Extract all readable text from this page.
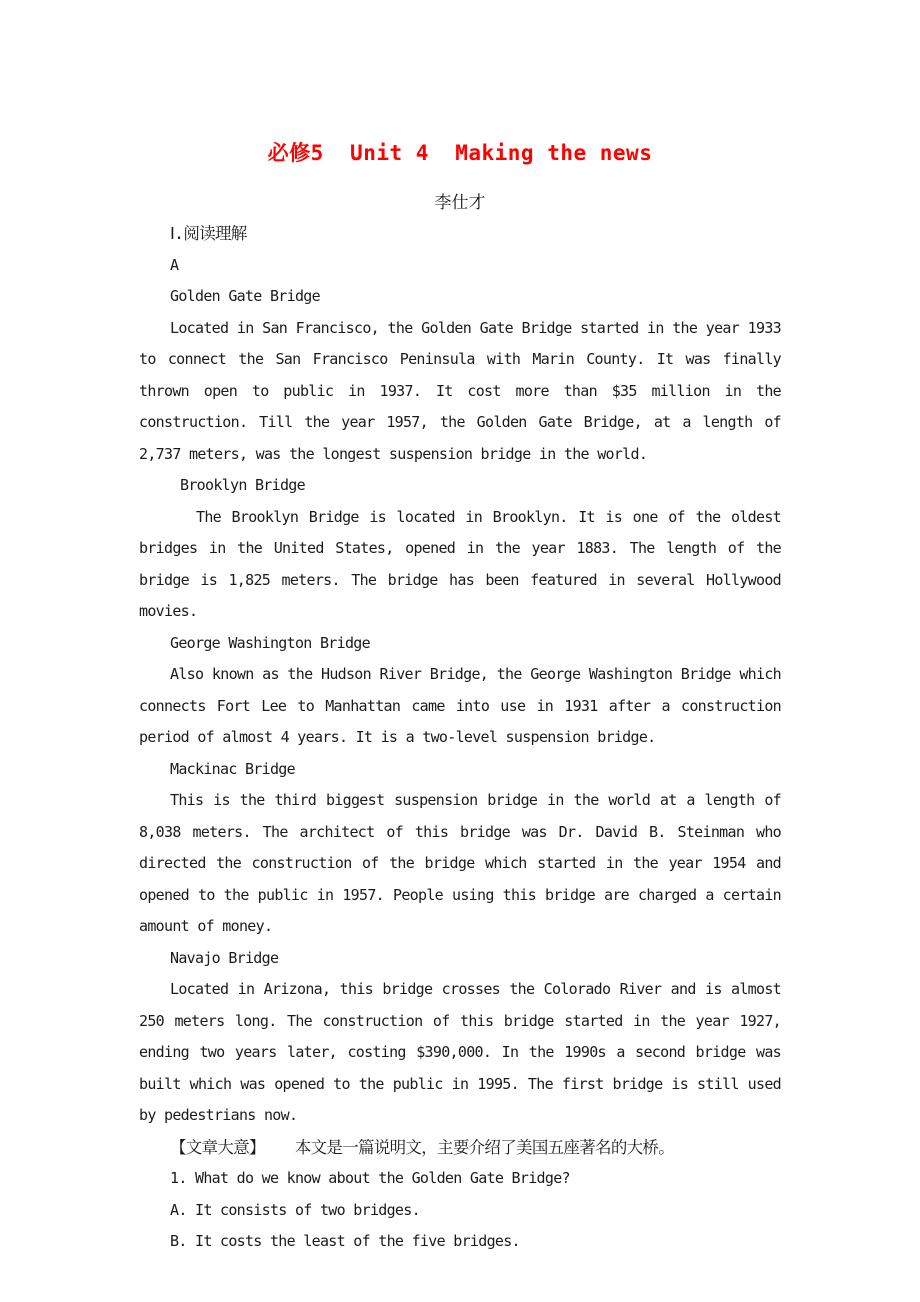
必修5  Unit 4  Making the news
李仕才
Ⅰ.阅读理解
A
Golden Gate Bridge

Located in San Francisco, the Golden Gate Bridge started in the year 1933 to connect the San Francisco Peninsula with Marin County. It was finally thrown open to public in 1937. It cost more than $35 million in the construction. Till the year 1957, the Golden Gate Bridge, at a length of 2,737 meters, was the longest suspension bridge in the world.

Brooklyn Bridge

The Brooklyn Bridge is located in Brooklyn. It is one of the oldest bridges in the United States, opened in the year 1883. The length of the bridge is 1,825 meters. The bridge has been featured in several Hollywood movies.

George Washington Bridge

Also known as the Hudson River Bridge, the George Washington Bridge which connects Fort Lee to Manhattan came into use in 1931 after a construction period of almost 4 years. It is a two-level suspension bridge.

Mackinac Bridge

This is the third biggest suspension bridge in the world at a length of 8,038 meters. The architect of this bridge was Dr. David B. Steinman who directed the construction of the bridge which started in the year 1954 and opened to the public in 1957. People using this bridge are charged a certain amount of money.

Navajo Bridge

Located in Arizona, this bridge crosses the Colorado River and is almost 250 meters long. The construction of this bridge started in the year 1927, ending two years later, costing $390,000. In the 1990s a second bridge was built which was opened to the public in 1995. The first bridge is still used by pedestrians now.

【文章大意】 本文是一篇说明文，主要介绍了美国五座著名的大桥。

1. What do we know about the Golden Gate Bridge?
A. It consists of two bridges.
B. It costs the least of the five bridges.
